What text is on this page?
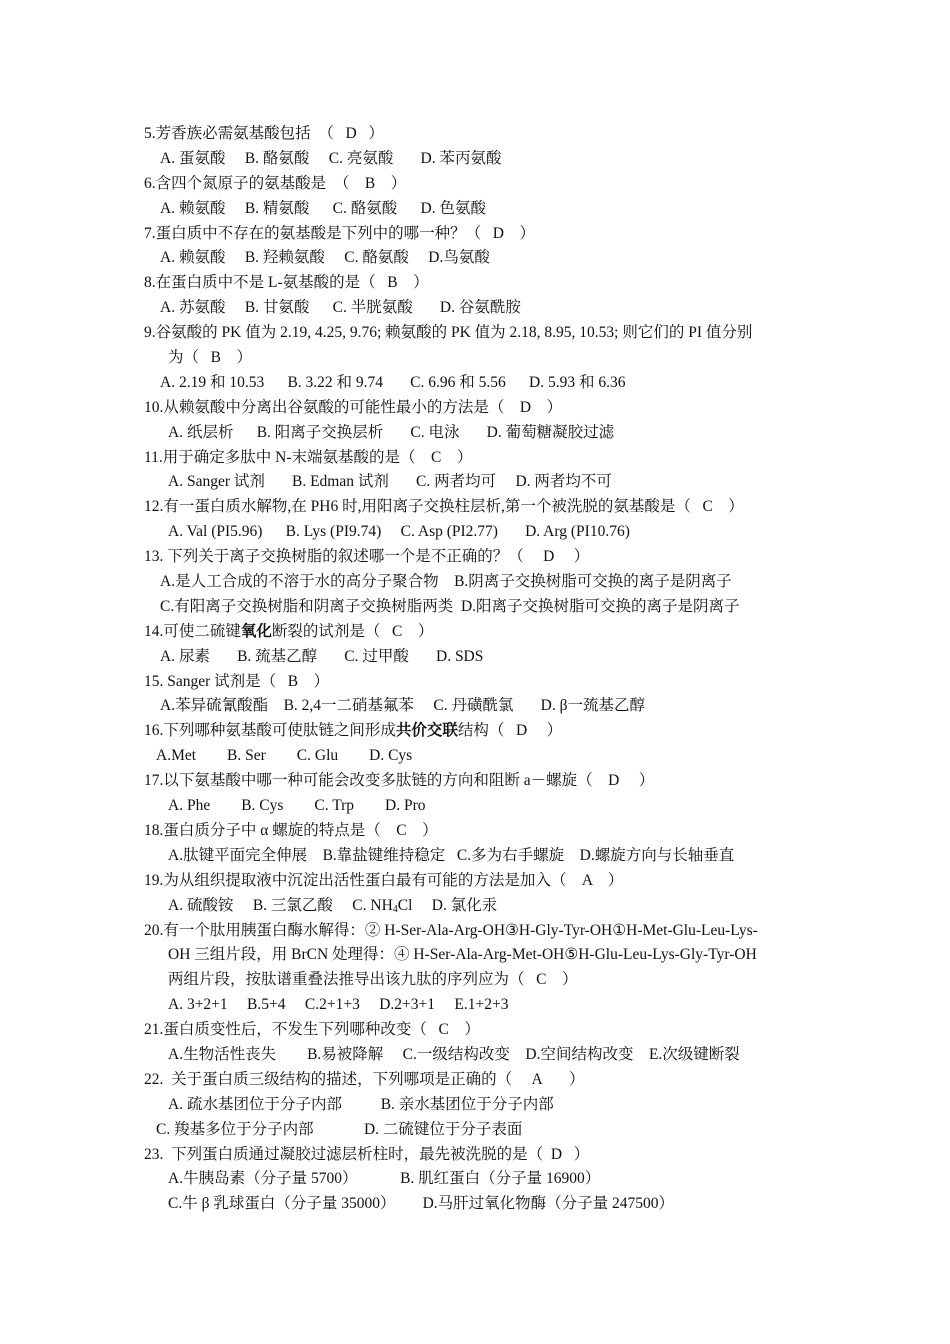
5.芳香族必需氨基酸包括  （   D   ）
A. 蛋氨酸     B. 酪氨酸     C. 亮氨酸       D. 苯丙氨酸
6.含四个氮原子的氨基酸是  （    B    ）
A. 赖氨酸     B. 精氨酸      C. 酪氨酸      D. 色氨酸
7.蛋白质中不存在的氨基酸是下列中的哪一种？（   D    ）
A. 赖氨酸     B. 羟赖氨酸     C. 酪氨酸     D.鸟氨酸
8.在蛋白质中不是 L-氨基酸的是（   B    ）
A. 苏氨酸     B. 甘氨酸      C. 半胱氨酸       D. 谷氨酰胺
9.谷氨酸的 PK 值为 2.19, 4.25, 9.76; 赖氨酸的 PK 值为 2.18, 8.95, 10.53; 则它们的 PI 值分别
为（   B    ）
A. 2.19 和 10.53      B. 3.22 和 9.74       C. 6.96 和 5.56      D. 5.93 和 6.36
10.从赖氨酸中分离出谷氨酸的可能性最小的方法是（    D    ）
A. 纸层析      B. 阳离子交换层析       C. 电泳       D. 葡萄糖凝胶过滤
11.用于确定多肽中 N-末端氨基酸的是（    C    ）
A. Sanger 试剂       B. Edman 试剂       C. 两者均可     D. 两者均不可
12.有一蛋白质水解物,在 PH6 时,用阳离子交换柱层析,第一个被洗脱的氨基酸是（   C    ）
A. Val (PI5.96)      B. Lys (PI9.74)     C. Asp (PI2.77)       D. Arg (PI10.76)
13. 下列关于离子交换树脂的叙述哪一个是不正确的？（     D     ）
A.是人工合成的不溶于水的高分子聚合物    B.阴离子交换树脂可交换的离子是阴离子
C.有阳离子交换树脂和阴离子交换树脂两类  D.阳离子交换树脂可交换的离子是阴离子
14.可使二硫键氧化断裂的试剂是（   C    ）
A. 尿素       B. 巯基乙醇       C. 过甲酸       D. SDS
15. Sanger 试剂是（   B    ）
A.苯异硫氰酸酯    B. 2,4一二硝基氟苯     C. 丹磺酰氯       D. β一巯基乙醇
16.下列哪种氨基酸可使肽链之间形成共价交联结构（   D     ）
A.Met        B. Ser        C. Glu        D. Cys
17.以下氨基酸中哪一种可能会改变多肽链的方向和阻断 a－螺旋（    D     ）
A. Phe        B. Cys        C. Trp        D. Pro
18.蛋白质分子中 α 螺旋的特点是（    C    ）
A.肽键平面完全伸展    B.靠盐键维持稳定   C.多为右手螺旋    D.螺旋方向与长轴垂直
19.为从组织提取液中沉淀出活性蛋白最有可能的方法是加入（    A    ）
A. 硫酸铵     B. 三氯乙酸     C. $NH_4Cl$     D. 氯化汞
20.有一个肽用胰蛋白酶水解得：② H-Ser-Ala-Arg-OH③H-Gly-Tyr-OH①H-Met-Glu-Leu-Lys-
OH 三组片段，用 BrCN 处理得：④ H-Ser-Ala-Arg-Met-OH⑤H-Glu-Leu-Lys-Gly-Tyr-OH
两组片段，按肽谱重叠法推导出该九肽的序列应为（   C    ）
A. 3+2+1     B.5+4     C.2+1+3     D.2+3+1     E.1+2+3
21.蛋白质变性后，不发生下列哪种改变（   C    ）
A.生物活性丧失        B.易被降解     C.一级结构改变    D.空间结构改变    E.次级键断裂
22.  关于蛋白质三级结构的描述，下列哪项是正确的（     A       ）
A. 疏水基团位于分子内部          B. 亲水基团位于分子内部
C. 羧基多位于分子内部             D. 二硫键位于分子表面
23.  下列蛋白质通过凝胶过滤层析柱时，最先被洗脱的是（  D   ）
A.牛胰岛素（分子量 5700）           B. 肌红蛋白（分子量 16900）
C.牛 β 乳球蛋白（分子量 35000）       D.马肝过氧化物酶（分子量 247500）
